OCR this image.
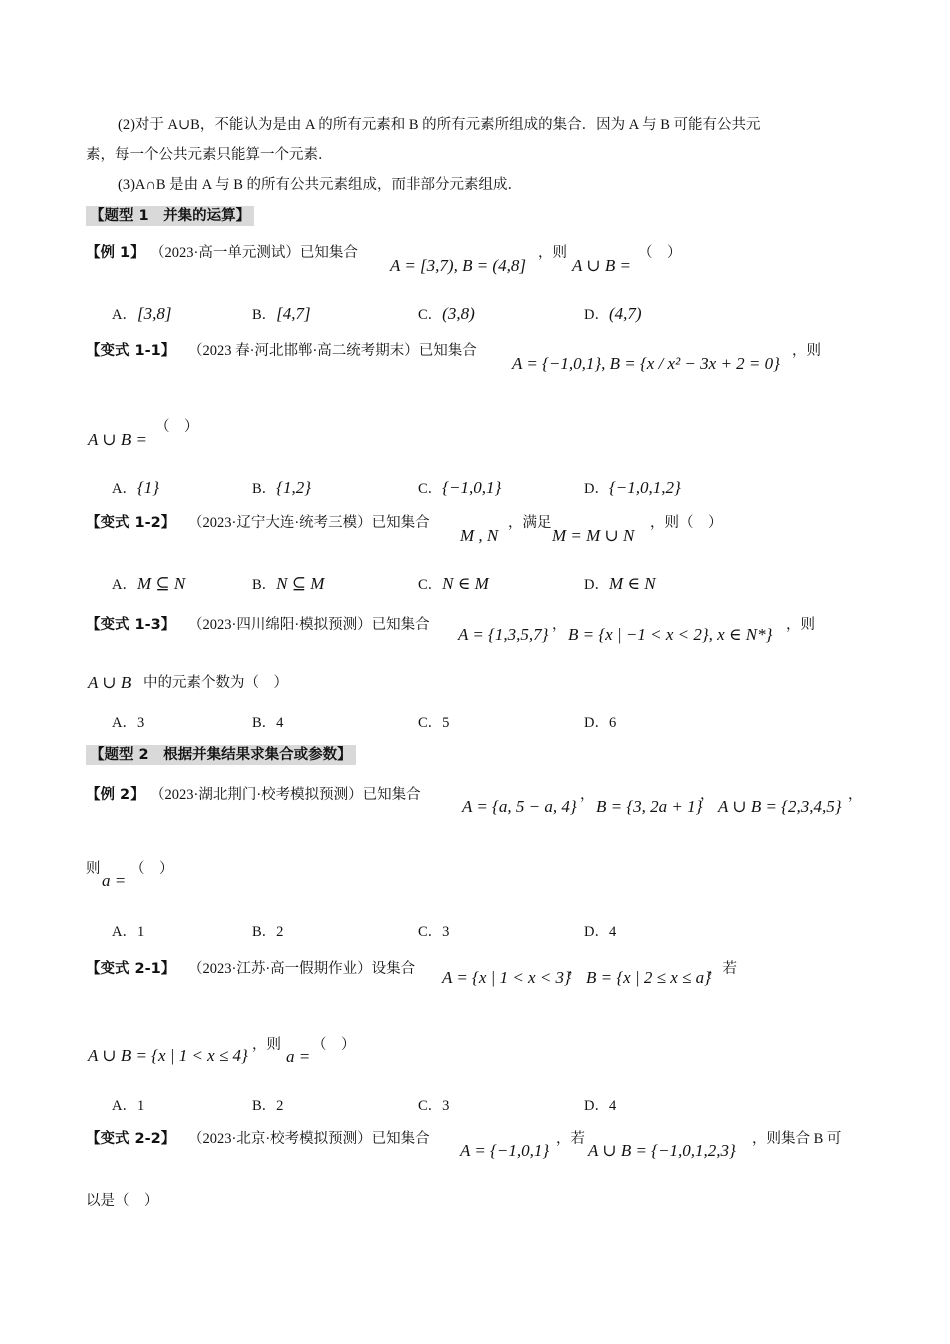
(2)对于 A∪B，不能认为是由 A 的所有元素和 B 的所有元素所组成的集合．因为 A 与 B 可能有公共元
素，每一个公共元素只能算一个元素．
(3)A∩B 是由 A 与 B 的所有公共元素组成，而非部分元素组成．
【题型 1　并集的运算】
【例 1】 （2023·高一单元测试）已知集合
A = [3,7), B = (4,8]
，则
A ∪ B =
（　）
A．[3,8]	B．[4,7]	C．(3,8)	D．(4,7)
【变式 1-1】 （2023 春·河北邯郸·高二统考期末）已知集合
A = {−1,0,1}, B = {x / x² − 3x + 2 = 0}
，则
A ∪ B =
（　）
A．{1}	B．{1,2}	C．{−1,0,1}	D．{−1,0,1,2}
【变式 1-2】 （2023·辽宁大连·统考三模）已知集合
M , N
，满足
M = M ∪ N
，则（　）
A．M ⊆ N	B．N ⊆ M	C．N ∈ M	D．M ∈ N
【变式 1-3】 （2023·四川绵阳·模拟预测）已知集合 A = {1,3,5,7} ， B = {x | −1 < x < 2}, x ∈ N*} ，则
A ∪ B 中的元素个数为（　）
A．3	B．4	C．5	D．6
【题型 2　根据并集结果求集合或参数】
【例 2】 （2023·湖北荆门·校考模拟预测）已知集合
A = {a, 5 − a, 4}
，
B = {3, 2a + 1}
，
A ∪ B = {2,3,4,5}
，
则
a =
（　）
A．1	B．2	C．3	D．4
【变式 2-1】 （2023·江苏·高一假期作业）设集合 A = {x | 1 < x < 3}
， B = {x | 2 ≤ x ≤ a}
，若
A ∪ B = {x | 1 < x ≤ 4}
，则
a =
（　）
A．1	B．2	C．3	D．4
【变式 2-2】 （2023·北京·校考模拟预测）已知集合
A = {−1,0,1}
，若
A ∪ B = {−1,0,1,2,3}
，则集合 B 可
以是（　）
